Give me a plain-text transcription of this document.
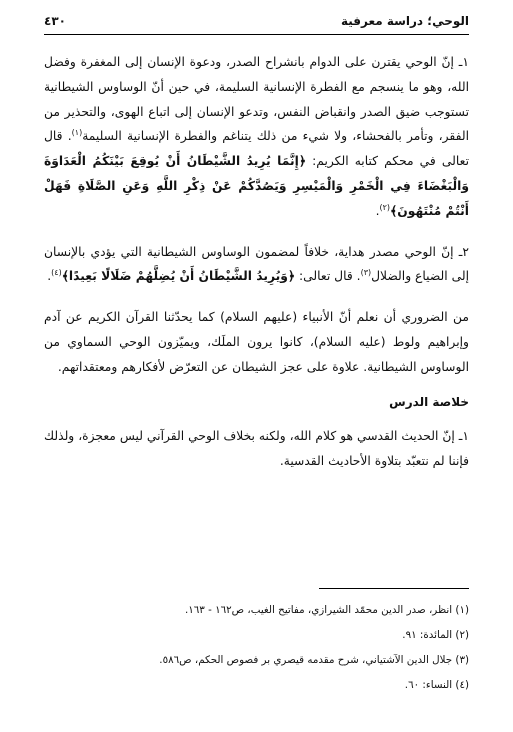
الوحي؛ دراسة معرفية
٤٣٠

١ـ إنّ الوحي يقترن على الدوام بانشراح الصدر، ودعوة الإنسان إلى المغفرة وفضل الله، وهو ما ينسجم مع الفطرة الإنسانية السليمة، في حين أنّ الوساوس الشيطانية تستوجب ضيق الصدر وانقباض النفس، وتدعو الإنسان إلى اتباع الهوى، والتحذير من الفقر، وتأمر بالفحشاء، ولا شيء من ذلك يتناغم والفطرة الإنسانية السليمة$^{(١)}$. قال تعالى في محكم كتابه الكريم: ﴿إِنَّمَا يُرِيدُ الشَّيْطَانُ أَنْ يُوقِعَ بَيْنَكُمُ الْعَدَاوَةَ وَالْبَغْضَاءَ فِي الْخَمْرِ وَالْمَيْسِرِ وَيَصُدَّكُمْ عَنْ ذِكْرِ اللَّهِ وَعَنِ الصَّلَاةِ فَهَلْ أَنْتُمْ مُنْتَهُونَ﴾$^{(٢)}$.

٢ـ إنّ الوحي مصدر هداية، خلافاً لمضمون الوساوس الشيطانية التي يؤدي بالإنسان إلى الضياع والضلال$^{(٣)}$. قال تعالى: ﴿وَيُرِيدُ الشَّيْطَانُ أَنْ يُضِلَّهُمْ ضَلَالًا بَعِيدًا﴾$^{(٤)}$.

من الضروري أن نعلم أنّ الأنبياء (عليهم السلام) كما يحدّثنا القرآن الكريم عن آدم وإبراهيم ولوط (عليه السلام)، كانوا يرون الملَك، ويميّزون الوحي السماوي من الوساوس الشيطانية. علاوة على عجز الشيطان عن التعرّض لأفكارهم ومعتقداتهم.

خلاصة الدرس

١ـ إنّ الحديث القدسي هو كلام الله، ولكنه بخلاف الوحي القرآني ليس معجزة، ولذلك فإننا لم نتعبّد بتلاوة الأحاديث القدسية.

(١) انظر، صدر الدين محمّد الشيرازي، مفاتيح الغيب، ص١٦٢ - ١٦٣.
(٢) المائدة: ٩١.
(٣) جلال الدين الآشتياني، شرح مقدمه قيصري بر فصوص الحكم، ص٥٨٦.
(٤) النساء: ٦٠.
